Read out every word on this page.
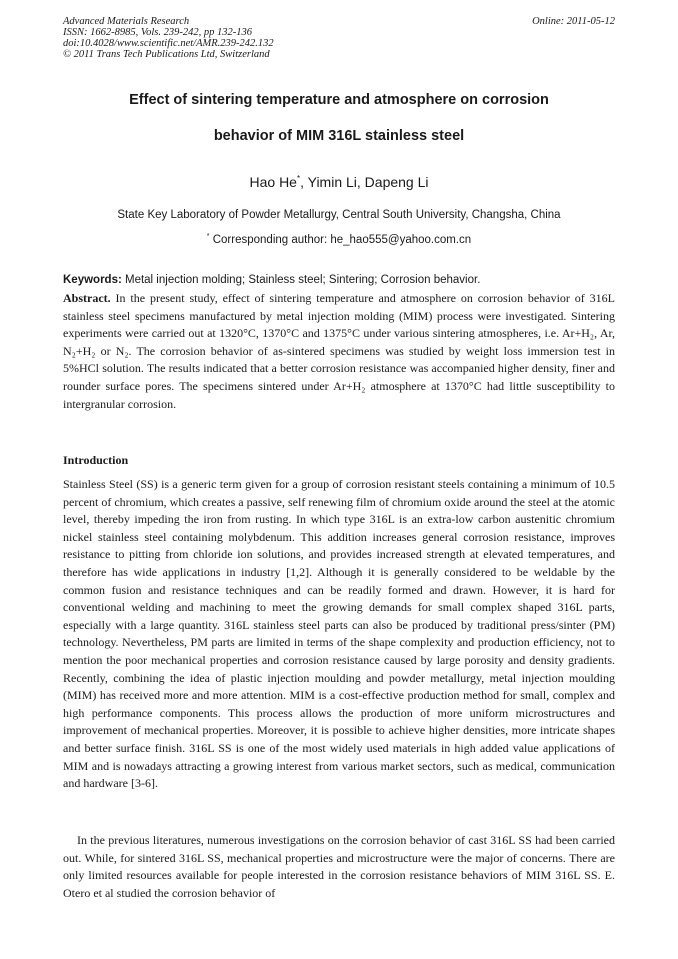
Advanced Materials Research
ISSN: 1662-8985, Vols. 239-242, pp 132-136
doi:10.4028/www.scientific.net/AMR.239-242.132
© 2011 Trans Tech Publications Ltd, Switzerland
Online: 2011-05-12
Effect of sintering temperature and atmosphere on corrosion
behavior of MIM 316L stainless steel
Hao He*, Yimin Li, Dapeng Li
State Key Laboratory of Powder Metallurgy, Central South University, Changsha, China
* Corresponding author: he_hao555@yahoo.com.cn
Keywords: Metal injection molding; Stainless steel; Sintering; Corrosion behavior.
Abstract. In the present study, effect of sintering temperature and atmosphere on corrosion behavior of 316L stainless steel specimens manufactured by metal injection molding (MIM) process were investigated. Sintering experiments were carried out at 1320°C, 1370°C and 1375°C under various sintering atmospheres, i.e. Ar+H₂, Ar, N₂+H₂ or N₂. The corrosion behavior of as-sintered specimens was studied by weight loss immersion test in 5%HCl solution. The results indicated that a better corrosion resistance was accompanied higher density, finer and rounder surface pores. The specimens sintered under Ar+H₂ atmosphere at 1370°C had little susceptibility to intergranular corrosion.
Introduction
Stainless Steel (SS) is a generic term given for a group of corrosion resistant steels containing a minimum of 10.5 percent of chromium, which creates a passive, self renewing film of chromium oxide around the steel at the atomic level, thereby impeding the iron from rusting. In which type 316L is an extra-low carbon austenitic chromium nickel stainless steel containing molybdenum. This addition increases general corrosion resistance, improves resistance to pitting from chloride ion solutions, and provides increased strength at elevated temperatures, and therefore has wide applications in industry [1,2]. Although it is generally considered to be weldable by the common fusion and resistance techniques and can be readily formed and drawn. However, it is hard for conventional welding and machining to meet the growing demands for small complex shaped 316L parts, especially with a large quantity. 316L stainless steel parts can also be produced by traditional press/sinter (PM) technology. Nevertheless, PM parts are limited in terms of the shape complexity and production efficiency, not to mention the poor mechanical properties and corrosion resistance caused by large porosity and density gradients. Recently, combining the idea of plastic injection moulding and powder metallurgy, metal injection moulding (MIM) has received more and more attention. MIM is a cost-effective production method for small, complex and high performance components. This process allows the production of more uniform microstructures and improvement of mechanical properties. Moreover, it is possible to achieve higher densities, more intricate shapes and better surface finish. 316L SS is one of the most widely used materials in high added value applications of MIM and is nowadays attracting a growing interest from various market sectors, such as medical, communication and hardware [3-6].
In the previous literatures, numerous investigations on the corrosion behavior of cast 316L SS had been carried out. While, for sintered 316L SS, mechanical properties and microstructure were the major of concerns. There are only limited resources available for people interested in the corrosion resistance behaviors of MIM 316L SS. E. Otero et al studied the corrosion behavior of
